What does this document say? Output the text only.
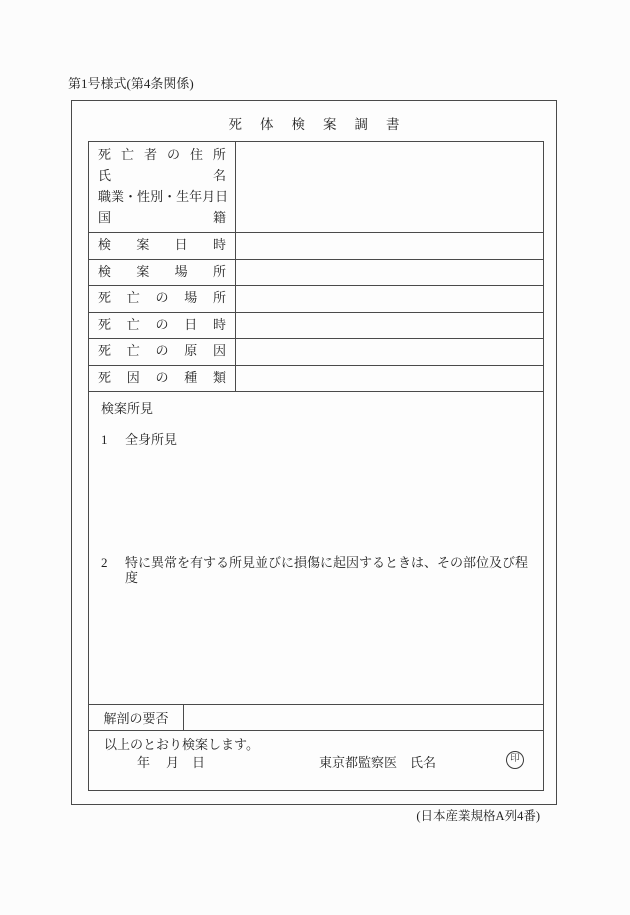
第1号様式(第4条関係)
死体検案調書
死 亡 者 の 住 所
氏	名
職 業 ・ 性 別 ・ 生 年 月 日
国	籍
検 案 日 時
検 案 場 所
死 亡 の 場 所
死 亡 の 日 時
死 亡 の 原 因
死 因 の 種 類
検案所見
1	全身所見
2	特に異常を有する所見並びに損傷に起因するときは、その部位及び程度
解剖の要否
以上のとおり検案します。
年 月 日	東京都監察医　氏名	印
(日本産業規格A列4番)
